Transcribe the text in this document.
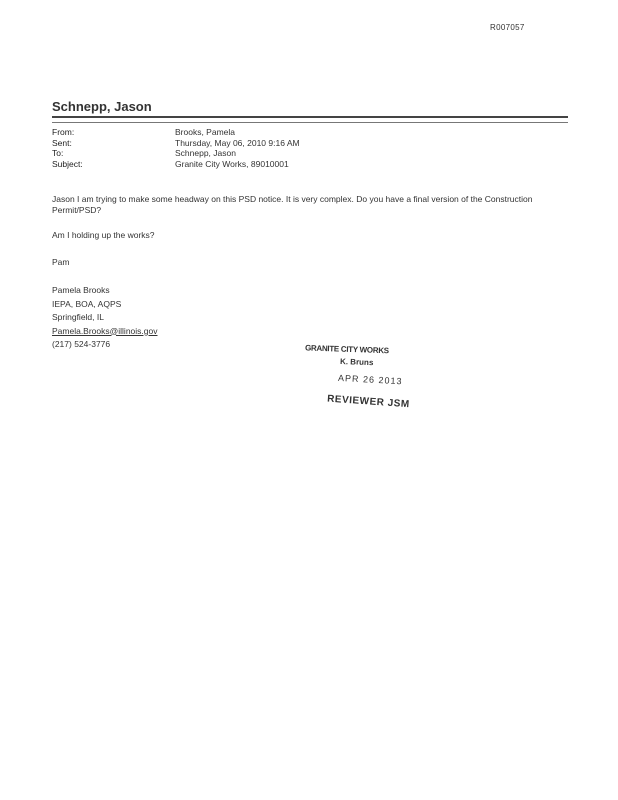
R007057
Schnepp, Jason
From:	Brooks, Pamela
Sent:	Thursday, May 06, 2010 9:16 AM
To:	Schnepp, Jason
Subject:	Granite City Works, 89010001
Jason I am trying to make some headway on this PSD notice. It is very complex. Do you have a final version of the Construction Permit/PSD?
Am I holding up the works?
Pam
Pamela Brooks
IEPA, BOA, AQPS
Springfield, IL
Pamela.Brooks@illinois.gov
(217) 524-3776	GRANITE CITY WORKS
K. Bruns
APR 26 2013
REVIEWER JSM
